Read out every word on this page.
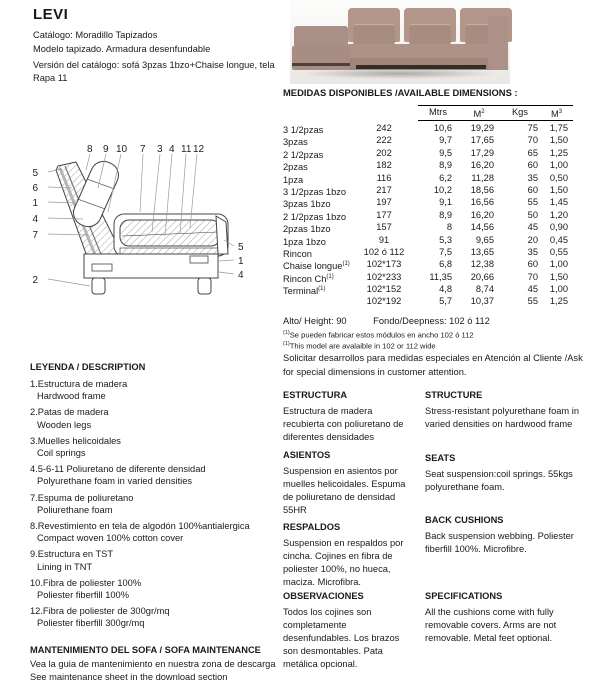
LEVI
Catálogo: Moradillo Tapizados
Modelo tapizado. Armadura desenfundable
Versión del catálogo: sofá 3pzas 1bzo+Chaise longue, tela Rapa 11
8 9 10 7 3 4 11 12
5
6
1
4
7
2
5
1
4
MEDIDAS DISPONIBLES /AVAILABLE DIMENSIONS :
Mtrs	$M^2$	Kgs	$M^3$
3 1/2pzas	242	10,6	19,29	75	1,75
3pzas	222	9,7	17,65	70	1,50
2 1/2pzas	202	9,5	17,29	65	1,25
2pzas	182	8,9	16,20	60	1,00
1pza	116	6,2	11,28	35	0,50
3 1/2pzas 1bzo	217	10,2	18,56	60	1,50
3pzas 1bzo	197	9,1	16,56	55	1,45
2 1/2pzas 1bzo	177	8,9	16,20	50	1,20
2pzas 1bzo	157	8	14,56	45	0,90
1pza 1bzo	91	5,3	9,65	20	0,45
Rincon	102 ó 112	7,5	13,65	35	0,55
Chaise longue$^{(1)}$	102*173	6,8	12,38	60	1,00
Rincon Ch$^{(1)}$	102*233	11,35	20,66	70	1,50
Terminal$^{(1)}$	102*152	4,8	8,74	45	1,00
102*192	5,7	10,37	55	1,25
Alto/ Height: 90	Fondo/Deepness: 102 ó 112
$^{(1)}$Se pueden fabricar estos módulos en ancho 102 ó 112
$^{(1)}$This model are avalaible in 102 or 112 wide
Solicitar desarrollos para medidas especiales en Atención al Cliente /Ask for special dimensions in customer attention.
ESTRUCTURA
Estructura de madera recubierta con poliuretano de diferentes densidades
ASIENTOS
Suspension en asientos por muelles helicoidales. Espuma de poliuretano de densidad 55HR
RESPALDOS
Suspension en respaldos por cincha. Cojines en fibra de poliester 100%, no hueca, maciza. Microfibra.
OBSERVACIONES
Todos los cojines son completamente desenfundables. Los brazos son desmontables. Pata metálica opcional.
STRUCTURE
Stress-resistant polyurethane foam in varied densities on hardwood frame
SEATS
Seat suspension:coil springs. 55kgs polyurethane foam.
BACK CUSHIONS
Back suspension webbing. Poliester fiberfill 100%. Microfibre.
SPECIFICATIONS
All the cushions come with fully removable covers. Arms are not removable. Metal feet optional.
LEYENDA / DESCRIPTION
1.Estructura de madera
Hardwood frame
2.Patas de madera
Wooden legs
3.Muelles helicoidales
Coil springs
4.5-6-11 Poliuretano de diferente densidad
Polyurethane foam in varied densities
7.Espuma de poliuretano
Poliurethane foam
8.Revestimiento en tela de algodón 100%antialergica
Compact woven 100% cotton cover
9.Estructura en TST
Lining in TNT
10.Fibra de poliester 100%
Poliester fiberfill 100%
12.Fibra de poliester de 300gr/mq
Poliester fiberfill 300gr/mq
MANTENIMIENTO DEL SOFA / SOFA MAINTENANCE
Vea la guia de mantenimiento en nuestra zona de descarga
See maintenance sheet in the download section
